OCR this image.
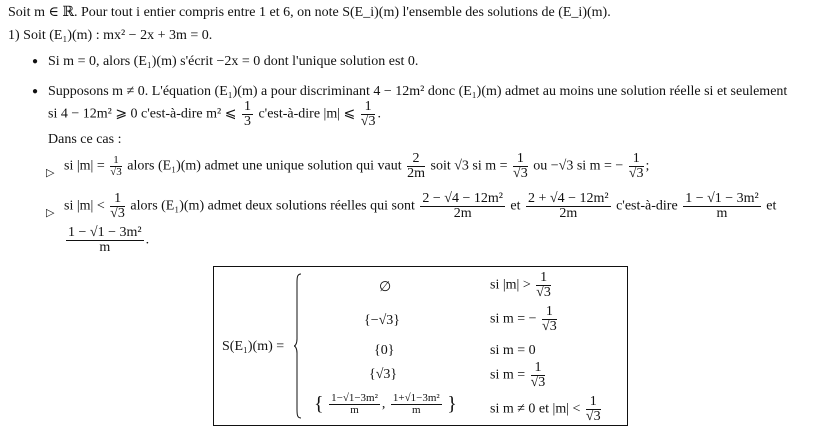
Soit m ∈ ℝ. Pour tout i entier compris entre 1 et 6, on note S(E_i)(m) l'ensemble des solutions de (E_i)(m).
1) Soit (E₁)(m) : mx² − 2x + 3m = 0.
● Si m = 0, alors (E₁)(m) s'écrit −2x = 0 dont l'unique solution est 0.
● Supposons m ≠ 0. L'équation (E₁)(m) a pour discriminant 4 − 12m² donc (E₁)(m) admet au moins une solution réelle si et seulement
si 4 − 12m² ⩾ 0 c'est-à-dire m² ⩽ $\frac{1}{3}$ c'est-à-dire |m| ⩽ $\frac{1}{√3}$ .
Dans ce cas :
▷ si $|m| = \frac{1}{√3}$ alors (E₁)(m) admet une unique solution qui vaut $\frac{2}{2m}$ soit √3 si $m = \frac{1}{√3}$ ou −√3 si m = − $\frac{1}{√3}$ ;
▷ si $|m| < \frac{1}{√3}$ alors (E₁)(m) admet deux solutions réelles qui sont $\frac{\text{2 − √4 − 12m²}}{2m}$ et $\frac{\text{2 + √4 − 12m²}}{2m}$ c'est-à-dire $\frac{\text{1 − √1 − 3m²}}{m}$ et
$\frac{\text{1 − √1 − 3m²}}{m}$ .
S(E₁)(m) =
∅	si $|m| > \frac{1}{√3}$
{−√3}	si m = − $\frac{1}{√3}$
{0}	si m = 0
{√3}	si $m = \frac{1}{√3}$
{ $\frac{\text{1−√1−3m²}}{m}$ , $\frac{\text{1+√1−3m²}}{m}$ } si m ≠ 0 et $|m| < \frac{1}{√3}$
